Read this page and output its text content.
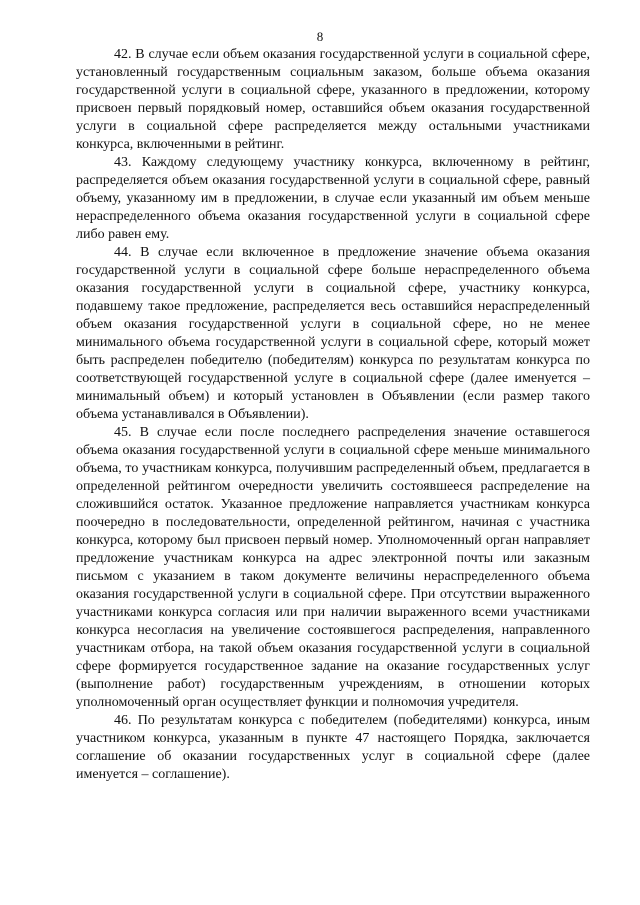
8

42. В случае если объем оказания государственной услуги в социальной сфере, установленный государственным социальным заказом, больше объема оказания государственной услуги в социальной сфере, указанного в предложении, которому присвоен первый порядковый номер, оставшийся объем оказания государственной услуги в социальной сфере распределяется между остальными участниками конкурса, включенными в рейтинг.

43. Каждому следующему участнику конкурса, включенному в рейтинг, распределяется объем оказания государственной услуги в социальной сфере, равный объему, указанному им в предложении, в случае если указанный им объем меньше нераспределенного объема оказания государственной услуги в социальной сфере либо равен ему.

44. В случае если включенное в предложение значение объема оказания государственной услуги в социальной сфере больше нераспределенного объема оказания государственной услуги в социальной сфере, участнику конкурса, подавшему такое предложение, распределяется весь оставшийся нераспределенный объем оказания государственной услуги в социальной сфере, но не менее минимального объема государственной услуги в социальной сфере, который может быть распределен победителю (победителям) конкурса по результатам конкурса по соответствующей государственной услуге в социальной сфере (далее именуется – минимальный объем) и который установлен в Объявлении (если размер такого объема устанавливался в Объявлении).

45. В случае если после последнего распределения значение оставшегося объема оказания государственной услуги в социальной сфере меньше минимального объема, то участникам конкурса, получившим распределенный объем, предлагается в определенной рейтингом очередности увеличить состоявшееся распределение на сложившийся остаток. Указанное предложение направляется участникам конкурса поочередно в последовательности, определенной рейтингом, начиная с участника конкурса, которому был присвоен первый номер. Уполномоченный орган направляет предложение участникам конкурса на адрес электронной почты или заказным письмом с указанием в таком документе величины нераспределенного объема оказания государственной услуги в социальной сфере. При отсутствии выраженного участниками конкурса согласия или при наличии выраженного всеми участниками конкурса несогласия на увеличение состоявшегося распределения, направленного участникам отбора, на такой объем оказания государственной услуги в социальной сфере формируется государственное задание на оказание государственных услуг (выполнение работ) государственным учреждениям, в отношении которых уполномоченный орган осуществляет функции и полномочия учредителя.

46. По результатам конкурса с победителем (победителями) конкурса, иным участником конкурса, указанным в пункте 47 настоящего Порядка, заключается соглашение об оказании государственных услуг в социальной сфере (далее именуется – соглашение).
